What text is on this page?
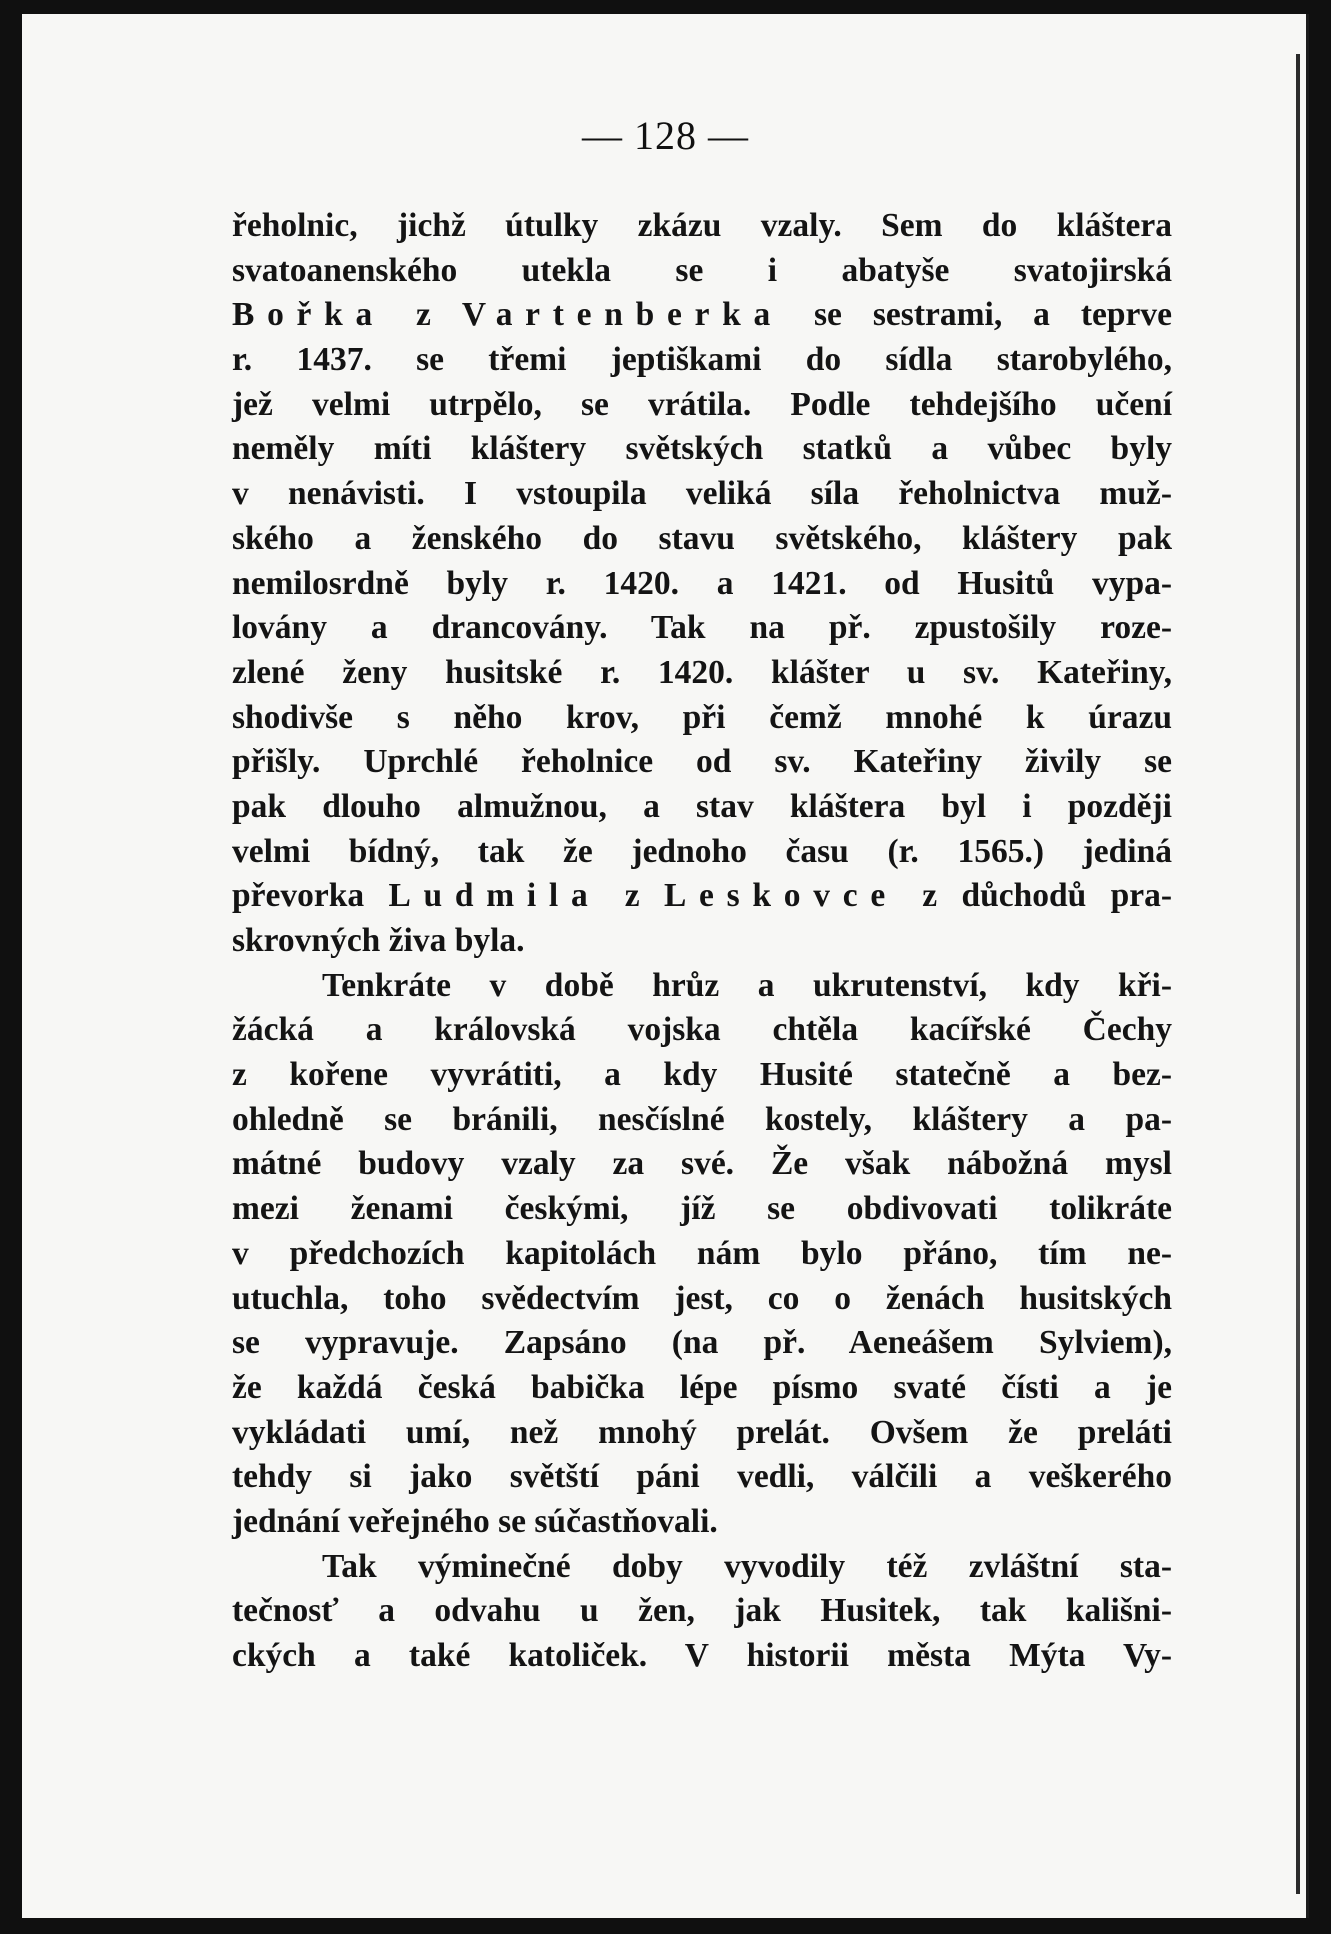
— 128 —
řeholnic, jichž útulky zkázu vzaly. Sem do kláštera
svatoanenského utekla se i abatyše svatojirská
Bořka z Vartenberka se sestrami, a teprve
r. 1437. se třemi jeptiškami do sídla starobylého,
jež velmi utrpělo, se vrátila. Podle tehdejšího učení
neměly míti kláštery světských statků a vůbec byly
v nenávisti. I vstoupila veliká síla řeholnictva muž-
ského a ženského do stavu světského, kláštery pak
nemilosrdně byly r. 1420. a 1421. od Husitů vypa-
lovány a drancovány. Tak na př. zpustošily roze-
zlené ženy husitské r. 1420. klášter u sv. Kateřiny,
shodivše s něho krov, při čemž mnohé k úrazu
přišly. Uprchlé řeholnice od sv. Kateřiny živily se
pak dlouho almužnou, a stav kláštera byl i později
velmi bídný, tak že jednoho času (r. 1565.) jediná
převorka Ludmila z Leskovce z důchodů pra-
skrovných živa byla.
Tenkráte v době hrůz a ukrutenství, kdy kři-
žácká a královská vojska chtěla kacířské Čechy
z kořene vyvrátiti, a kdy Husité statečně a bez-
ohledně se bránili, nesčíslné kostely, kláštery a pa-
mátné budovy vzaly za své. Že však nábožná mysl
mezi ženami českými, jíž se obdivovati tolikráte
v předchozích kapitolách nám bylo přáno, tím ne-
utuchla, toho svědectvím jest, co o ženách husitských
se vypravuje. Zapsáno (na př. Aeneášem Sylviem),
že každá česká babička lépe písmo svaté čísti a je
vykládati umí, než mnohý prelát. Ovšem že preláti
tehdy si jako světští páni vedli, válčili a veškerého
jednání veřejného se súčastňovali.
Tak výminečné doby vyvodily též zvláštní sta-
tečnosť a odvahu u žen, jak Husitek, tak kališni-
ckých a také katoliček. V historii města Mýta Vy-
